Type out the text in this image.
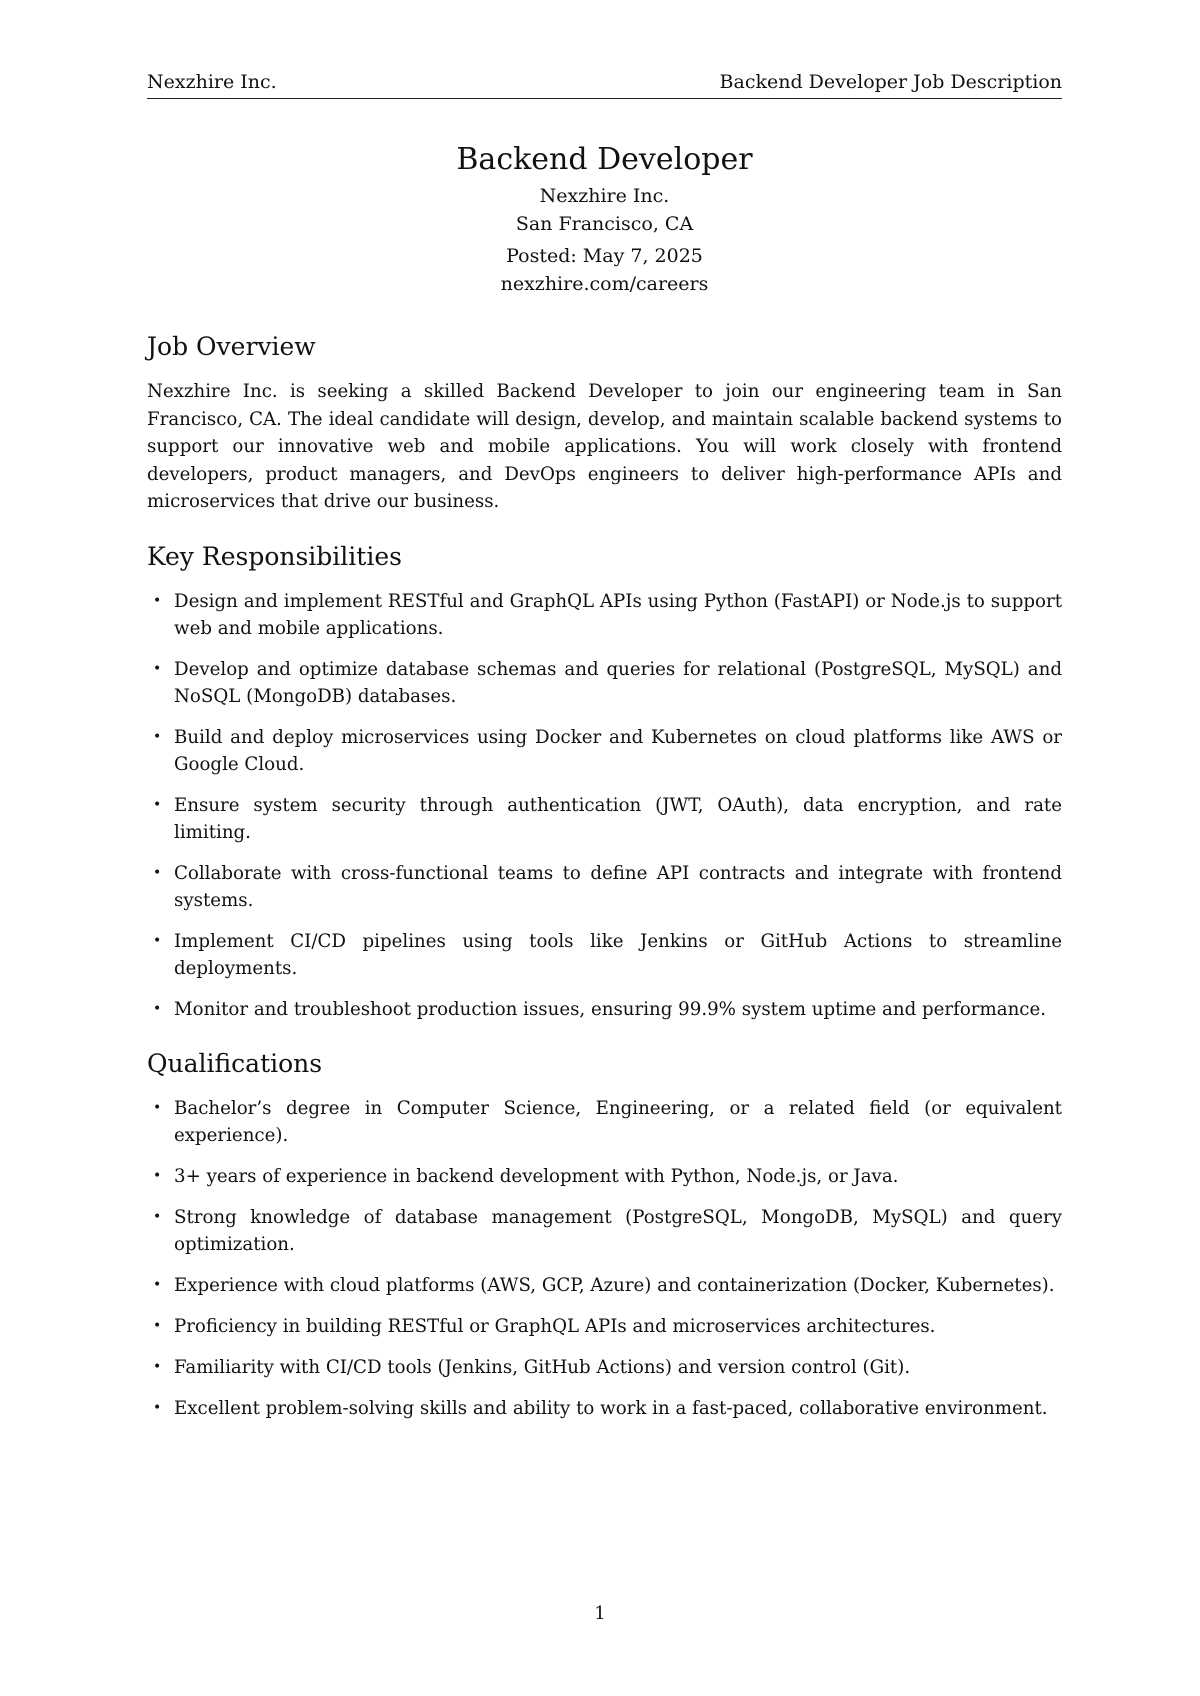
Nexzhire Inc.	Backend Developer Job Description
Backend Developer

Nexzhire Inc.

San Francisco, CA

Posted: May 7, 2025

nexzhire.com/careers

Job Overview

Nexzhire Inc. is seeking a skilled Backend Developer to join our engineering team in San Francisco, CA. The ideal candidate will design, develop, and maintain scalable backend systems to support our innovative web and mobile applications. You will work closely with frontend developers, product managers, and DevOps engineers to deliver high-performance APIs and microservices that drive our business.

Key Responsibilities
• Design and implement RESTful and GraphQL APIs using Python (FastAPI) or Node.js to support web and mobile applications.
• Develop and optimize database schemas and queries for relational (PostgreSQL, MySQL) and NoSQL (MongoDB) databases.
• Build and deploy microservices using Docker and Kubernetes on cloud platforms like AWS or Google Cloud.
• Ensure system security through authentication (JWT, OAuth), data encryption, and rate limiting.
• Collaborate with cross-functional teams to define API contracts and integrate with frontend systems.
• Implement CI/CD pipelines using tools like Jenkins or GitHub Actions to streamline deployments.
• Monitor and troubleshoot production issues, ensuring 99.9% system uptime and performance.
Qualifications
• Bachelor’s degree in Computer Science, Engineering, or a related field (or equivalent experience).
• 3+ years of experience in backend development with Python, Node.js, or Java.
• Strong knowledge of database management (PostgreSQL, MongoDB, MySQL) and query optimization.
• Experience with cloud platforms (AWS, GCP, Azure) and containerization (Docker, Kubernetes).
• Proficiency in building RESTful or GraphQL APIs and microservices architectures.
• Familiarity with CI/CD tools (Jenkins, GitHub Actions) and version control (Git).
• Excellent problem-solving skills and ability to work in a fast-paced, collaborative environment.
1
